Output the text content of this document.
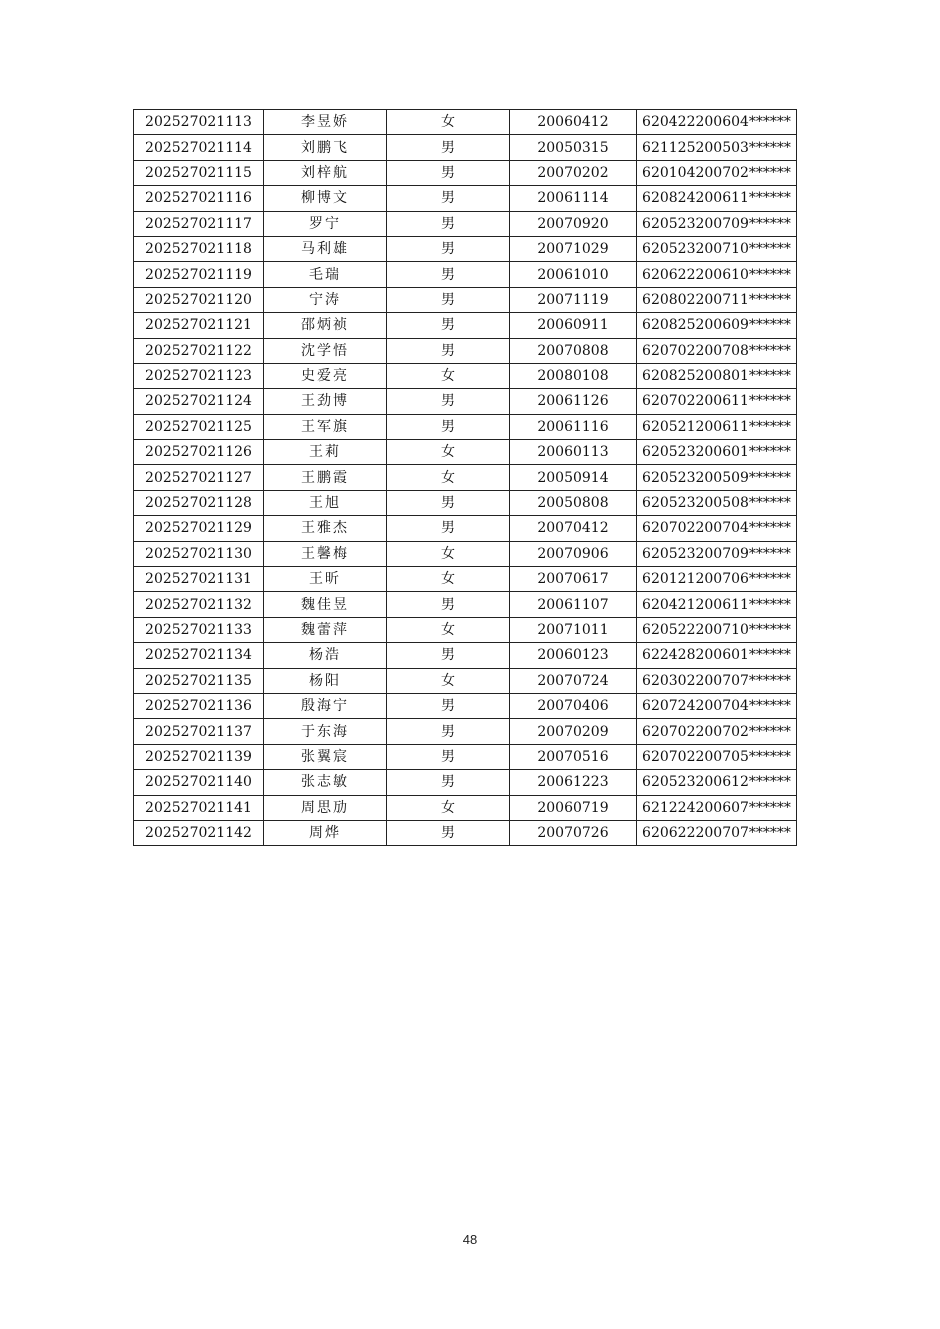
202527021113	李昱娇	女	20060412	620422200604******
202527021114	刘鹏飞	男	20050315	621125200503******
202527021115	刘梓航	男	20070202	620104200702******
202527021116	柳博文	男	20061114	620824200611******
202527021117	罗宁	男	20070920	620523200709******
202527021118	马利雄	男	20071029	620523200710******
202527021119	毛瑞	男	20061010	620622200610******
202527021120	宁涛	男	20071119	620802200711******
202527021121	邵炳祯	男	20060911	620825200609******
202527021122	沈学悟	男	20070808	620702200708******
202527021123	史爱亮	女	20080108	620825200801******
202527021124	王劲博	男	20061126	620702200611******
202527021125	王军旗	男	20061116	620521200611******
202527021126	王莉	女	20060113	620523200601******
202527021127	王鹏霞	女	20050914	620523200509******
202527021128	王旭	男	20050808	620523200508******
202527021129	王雅杰	男	20070412	620702200704******
202527021130	王馨梅	女	20070906	620523200709******
202527021131	王昕	女	20070617	620121200706******
202527021132	魏佳昱	男	20061107	620421200611******
202527021133	魏蕾萍	女	20071011	620522200710******
202527021134	杨浩	男	20060123	622428200601******
202527021135	杨阳	女	20070724	620302200707******
202527021136	殷海宁	男	20070406	620724200704******
202527021137	于东海	男	20070209	620702200702******
202527021139	张翼宸	男	20070516	620702200705******
202527021140	张志敏	男	20061223	620523200612******
202527021141	周思劢	女	20060719	621224200607******
202527021142	周烨	男	20070726	620622200707******
48
